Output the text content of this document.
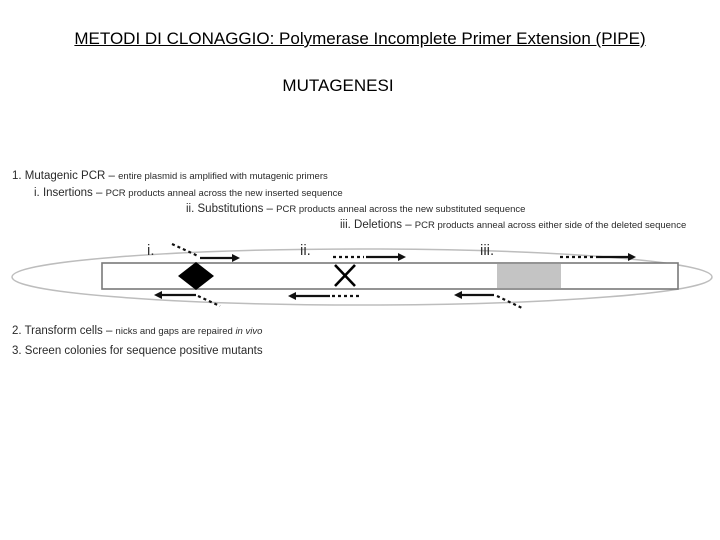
METODI DI CLONAGGIO: Polymerase Incomplete Primer Extension (PIPE)
MUTAGENESI
1. Mutagenic PCR – entire plasmid is amplified with mutagenic primers
i. Insertions – PCR products anneal across the new inserted sequence
ii. Substitutions – PCR products anneal across the new substituted sequence
iii. Deletions – PCR products anneal across either side of the deleted sequence
2. Transform cells – nicks and gaps are repaired in vivo
3. Screen colonies for sequence positive mutants
i.	ii.	iii.
